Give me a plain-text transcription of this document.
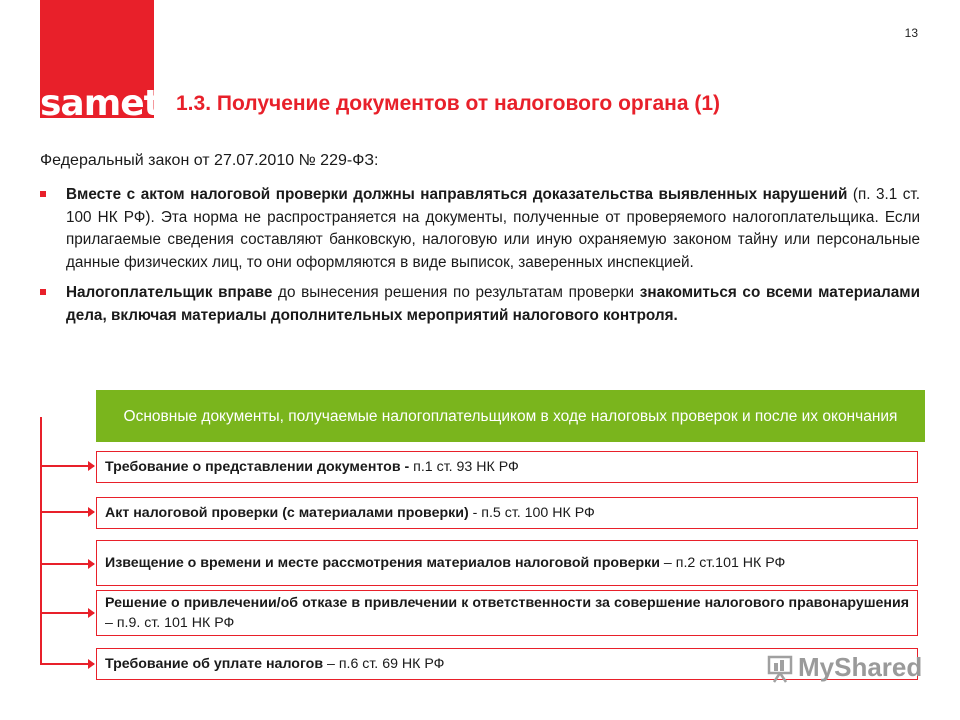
sameta
13
1.3. Получение документов от налогового органа (1)
Федеральный закон от 27.07.2010 № 229-ФЗ:
Вместе с актом налоговой проверки должны направляться доказательства выявленных нарушений (п. 3.1 ст. 100 НК РФ). Эта норма не распространяется на документы, полученные от проверяемого налогоплательщика. Если прилагаемые сведения составляют банковскую, налоговую или иную охраняемую законом тайну или персональные данные физических лиц, то они оформляются в виде выписок, заверенных инспекцией.
Налогоплательщик вправе до вынесения решения по результатам проверки знакомиться со всеми материалами дела, включая материалы дополнительных мероприятий налогового контроля.
Основные документы, получаемые налогоплательщиком в ходе налоговых проверок и после их окончания
Требование о представлении документов - п.1 ст. 93 НК РФ
Акт налоговой проверки (с материалами проверки) - п.5 ст. 100 НК РФ
Извещение о времени и месте рассмотрения материалов налоговой проверки – п.2 ст.101 НК РФ
Решение о привлечении/об отказе в привлечении к ответственности за совершение налогового правонарушения – п.9. ст. 101 НК РФ
Требование об уплате налогов – п.6 ст. 69 НК РФ	MyShared
